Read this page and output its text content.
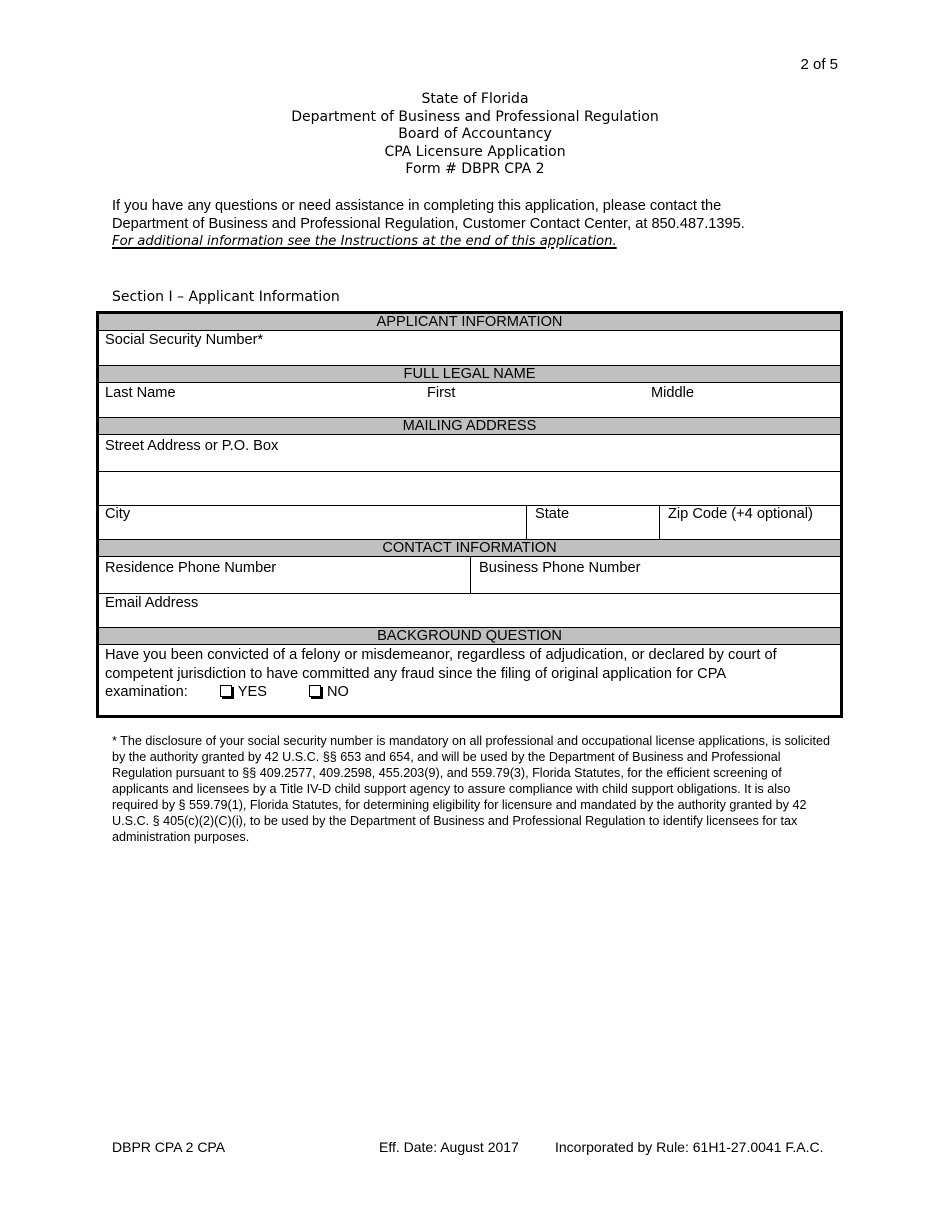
2 of 5
State of Florida
Department of Business and Professional Regulation
Board of Accountancy
CPA Licensure Application
Form # DBPR CPA 2
If you have any questions or need assistance in completing this application, please contact the
Department of Business and Professional Regulation, Customer Contact Center, at 850.487.1395.
For additional information see the Instructions at the end of this application.
Section I – Applicant Information
APPLICANT INFORMATION
Social Security Number*
FULL LEGAL NAME
Last Name	First	Middle
MAILING ADDRESS
Street Address or P.O. Box
City	State	Zip Code (+4 optional)
CONTACT INFORMATION
Residence Phone Number	Business Phone Number
Email Address
BACKGROUND QUESTION
Have you been convicted of a felony or misdemeanor, regardless of adjudication, or declared by court of
competent jurisdiction to have committed any fraud since the filing of original application for CPA
examination:	YES	NO
* The disclosure of your social security number is mandatory on all professional and occupational license applications, is solicited by the authority granted by 42 U.S.C. §§ 653 and 654, and will be used by the Department of Business and Professional Regulation pursuant to §§ 409.2577, 409.2598, 455.203(9), and 559.79(3), Florida Statutes, for the efficient screening of applicants and licensees by a Title IV-D child support agency to assure compliance with child support obligations. It is also required by § 559.79(1), Florida Statutes, for determining eligibility for licensure and mandated by the authority granted by 42 U.S.C. § 405(c)(2)(C)(i), to be used by the Department of Business and Professional Regulation to identify licensees for tax administration purposes.
DBPR CPA 2 CPA	Eff. Date: August 2017	Incorporated by Rule: 61H1-27.0041 F.A.C.
